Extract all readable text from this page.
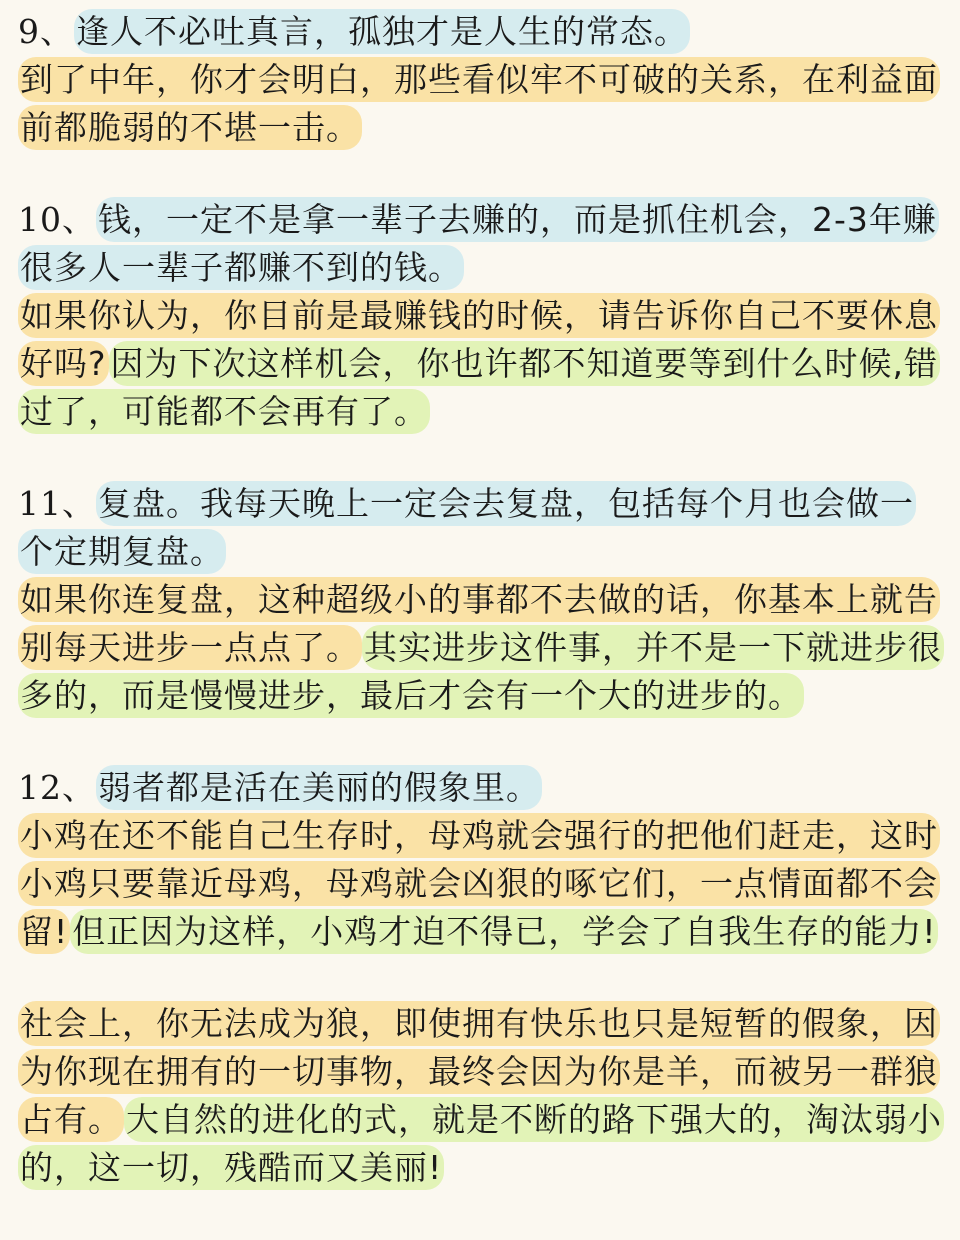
9、逢人不必吐真言，孤独才是人生的常态。

到了中年，你才会明白，那些看似牢不可破的关系，在利益面前都脆弱的不堪一击。

10、钱，一定不是拿一辈子去赚的，而是抓住机会，2-3年赚很多人一辈子都赚不到的钱。

如果你认为，你目前是最赚钱的时候，请告诉你自己不要休息好吗? 因为下次这样机会，你也许都不知道要等到什么时候,错过了，可能都不会再有了。

11、复盘。我每天晚上一定会去复盘，包括每个月也会做一个定期复盘。

如果你连复盘，这种超级小的事都不去做的话，你基本上就告别每天进步一点点了。 其实进步这件事，并不是一下就进步很多的，而是慢慢进步，最后才会有一个大的进步的。

12、弱者都是活在美丽的假象里。

小鸡在还不能自己生存时，母鸡就会强行的把他们赶走，这时小鸡只要靠近母鸡，母鸡就会凶狠的啄它们，一点情面都不会留! 但正因为这样，小鸡才迫不得已，学会了自我生存的能力!

社会上，你无法成为狼，即使拥有快乐也只是短暂的假象，因为你现在拥有的一切事物，最终会因为你是羊，而被另一群狼占有。 大自然的进化的式，就是不断的路下强大的，淘汰弱小的，这一切，残酷而又美丽!
